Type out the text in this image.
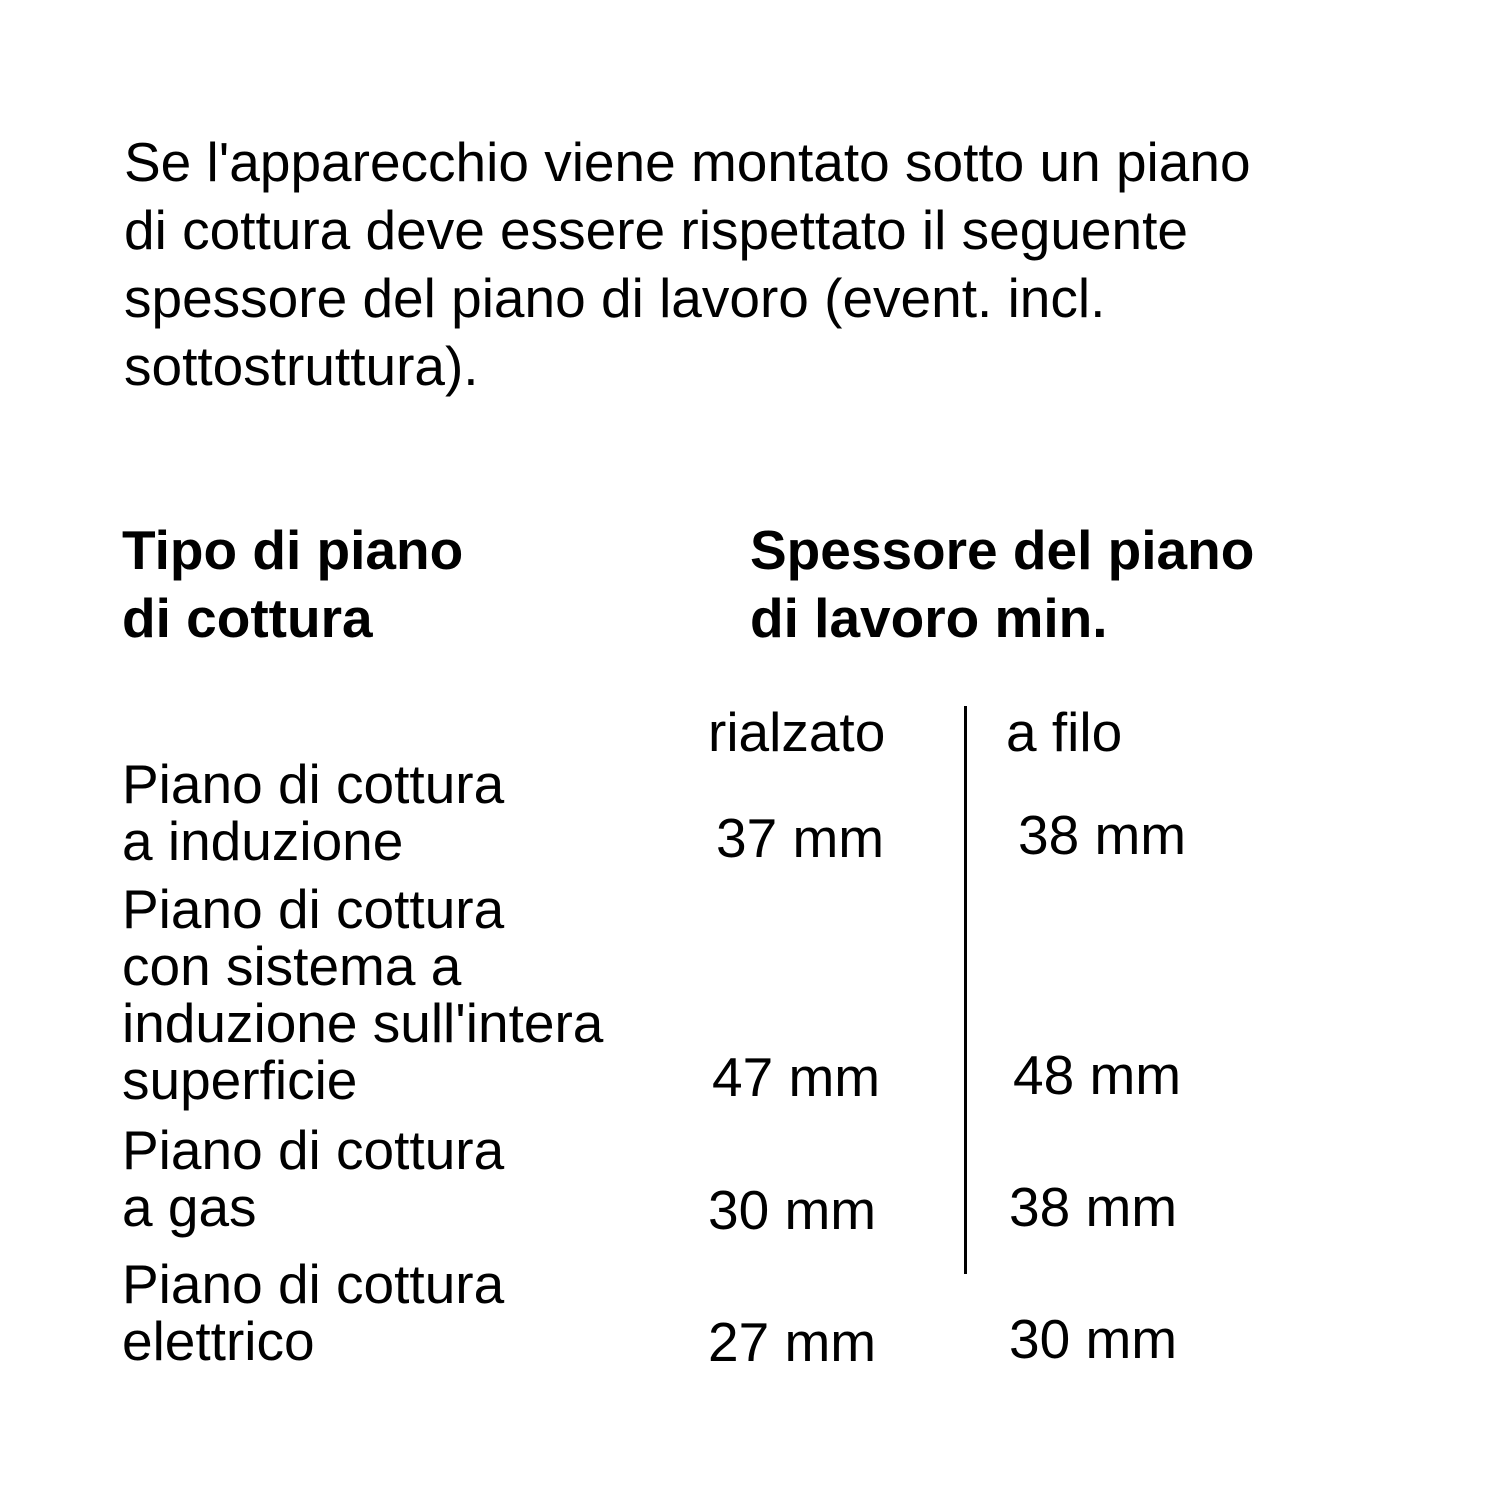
Se l'apparecchio viene montato sotto un piano
di cottura deve essere rispettato il seguente
spessore del piano di lavoro (event. incl.
sottostruttura).

Tipo di piano
di cottura
Spessore del piano
di lavoro min.
rialzato a filo
Piano di cottura
a induzione	37 mm 38 mm
Piano di cottura
con sistema a
induzione sull'intera
superficie	47 mm 48 mm
Piano di cottura
a gas	30 mm 38 mm
Piano di cottura
elettrico	27 mm 30 mm
